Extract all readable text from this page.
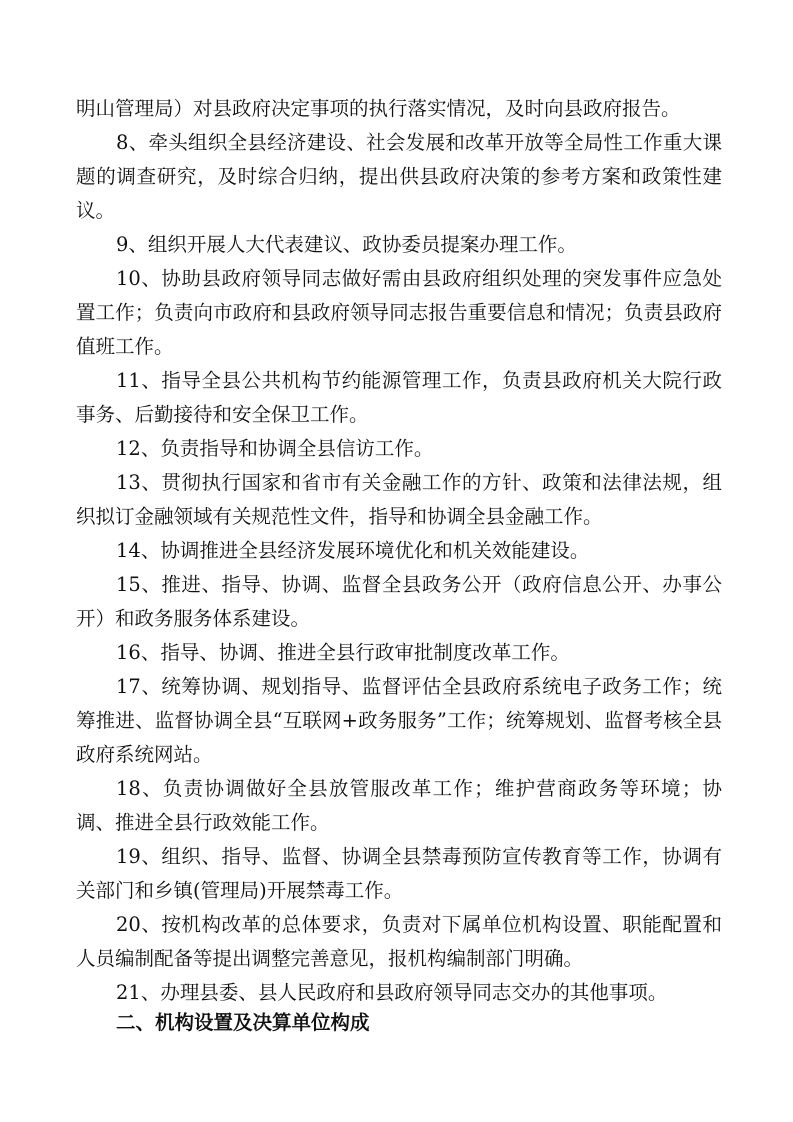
明山管理局）对县政府决定事项的执行落实情况，及时向县政府报告。

8、牵头组织全县经济建设、社会发展和改革开放等全局性工作重大课题的调查研究，及时综合归纳，提出供县政府决策的参考方案和政策性建议。

9、组织开展人大代表建议、政协委员提案办理工作。

10、协助县政府领导同志做好需由县政府组织处理的突发事件应急处置工作；负责向市政府和县政府领导同志报告重要信息和情况；负责县政府值班工作。

11、指导全县公共机构节约能源管理工作，负责县政府机关大院行政事务、后勤接待和安全保卫工作。

12、负责指导和协调全县信访工作。

13、贯彻执行国家和省市有关金融工作的方针、政策和法律法规，组织拟订金融领域有关规范性文件，指导和协调全县金融工作。

14、协调推进全县经济发展环境优化和机关效能建设。

15、推进、指导、协调、监督全县政务公开（政府信息公开、办事公开）和政务服务体系建设。

16、指导、协调、推进全县行政审批制度改革工作。

17、统筹协调、规划指导、监督评估全县政府系统电子政务工作；统筹推进、监督协调全县“互联网+政务服务”工作；统筹规划、监督考核全县政府系统网站。

18、负责协调做好全县放管服改革工作；维护营商政务等环境；协调、推进全县行政效能工作。

19、组织、指导、监督、协调全县禁毒预防宣传教育等工作，协调有关部门和乡镇(管理局)开展禁毒工作。

20、按机构改革的总体要求，负责对下属单位机构设置、职能配置和人员编制配备等提出调整完善意见，报机构编制部门明确。

21、办理县委、县人民政府和县政府领导同志交办的其他事项。

二、机构设置及决算单位构成
